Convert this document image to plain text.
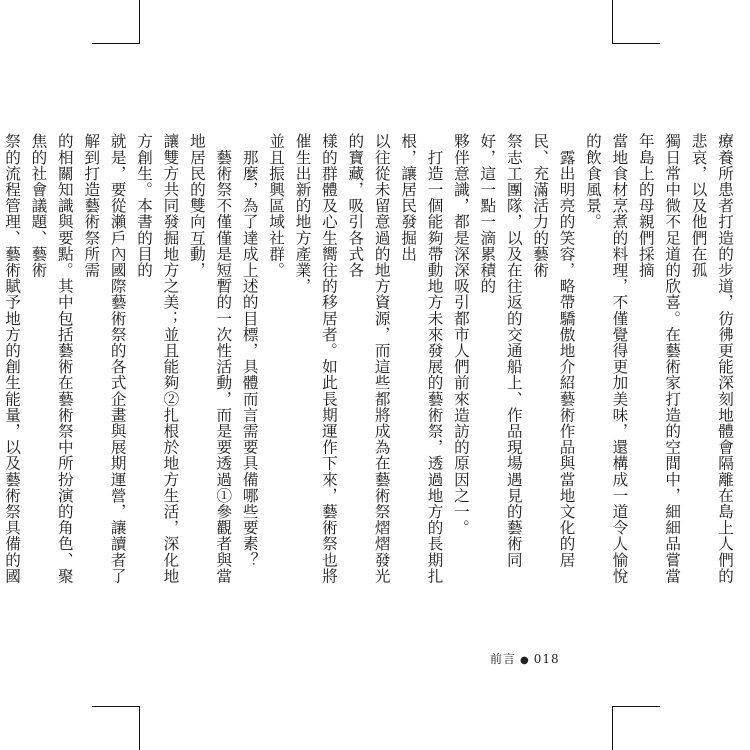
療養所患者打造的步道，彷彿更能深刻地體會隔離在島上人們的悲哀，以及他們在孤
獨日常中微不足道的欣喜。在藝術家打造的空間中，細細品嘗當年島上的母親們採摘
當地食材烹煮的料理，不僅覺得更加美味，還構成一道令人愉悅的飲食風景。
　露出明亮的笑容，略帶驕傲地介紹藝術作品與當地文化的居民、充滿活力的藝術
祭志工團隊，以及在往返的交通船上、作品現場遇見的藝術同好，這一點一滴累積的
夥伴意識，都是深深吸引都市人們前來造訪的原因之一。
　打造一個能夠帶動地方未來發展的藝術祭，透過地方的長期扎根，讓居民發掘出
以往從未留意過的地方資源，而這些都將成為在藝術祭熠熠發光的寶藏，吸引各式各
樣的群體及心生嚮往的移居者。如此長期運作下來，藝術祭也將催生出新的地方產業，
並且振興區域社群。
　那麼，為了達成上述的目標，具體而言需要具備哪些要素？
　藝術祭不僅僅是短暫的一次性活動，而是要透過①參觀者與當地居民的雙向互動，
讓雙方共同發掘地方之美；並且能夠②扎根於地方生活，深化地方創生。本書的目的
就是，要從瀨戶內國際藝術祭的各式企畫與展期運營，讓讀者了解到打造藝術祭所需
的相關知識與要點。其中包括藝術在藝術祭中所扮演的角色、聚焦的社會議題、藝術
祭的流程管理、藝術賦予地方的創生能量，以及藝術祭具備的國
前言 ● 018
